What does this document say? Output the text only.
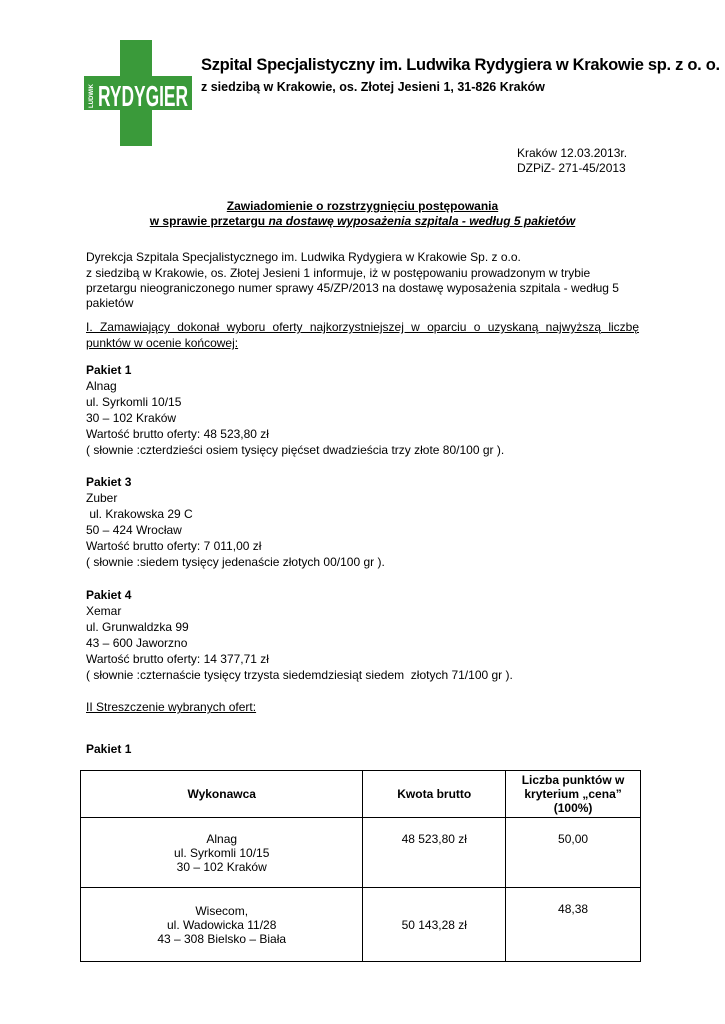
RYDYGIER
LUDWIK
Szpital Specjalistyczny im. Ludwika Rydygiera w Krakowie sp. z o. o.
z siedzibą w Krakowie, os. Złotej Jesieni 1, 31-826 Kraków
Kraków 12.03.2013r.
DZPiZ- 271-45/2013
Zawiadomienie o rozstrzygnięciu postępowania
w sprawie przetargu na dostawę wyposażenia szpitala - według 5 pakietów
Dyrekcja Szpitala Specjalistycznego im. Ludwika Rydygiera w Krakowie Sp. z o.o.
z siedzibą w Krakowie, os. Złotej Jesieni 1 informuje, iż w postępowaniu prowadzonym w trybie
przetargu nieograniczonego numer sprawy 45/ZP/2013 na dostawę wyposażenia szpitala - według 5
pakietów
I. Zamawiający dokonał wyboru oferty najkorzystniejszej w oparciu o uzyskaną najwyższą liczbę
punktów w ocenie końcowej:
Pakiet 1
Alnag
ul. Syrkomli 10/15
30 – 102 Kraków
Wartość brutto oferty: 48 523,80 zł
( słownie :czterdzieści osiem tysięcy pięćset dwadzieścia trzy złote 80/100 gr ).
Pakiet 3
Zuber
ul. Krakowska 29 C
50 – 424 Wrocław
Wartość brutto oferty: 7 011,00 zł
( słownie :siedem tysięcy jedenaście złotych 00/100 gr ).
Pakiet 4
Xemar
ul. Grunwaldzka 99
43 – 600 Jaworzno
Wartość brutto oferty: 14 377,71 zł
( słownie :czternaście tysięcy trzysta siedemdziesiąt siedem  złotych 71/100 gr ).
II Streszczenie wybranych ofert:
Pakiet 1
Wykonawca	Kwota brutto	Liczba punktów w kryterium „cena” (100%)

Alnag
ul. Syrkomli 10/15
30 – 102 Kraków	48 523,80 zł	50,00

Wisecom,
ul. Wadowicka 11/28
43 – 308 Bielsko – Biała	50 143,28 zł	48,38
